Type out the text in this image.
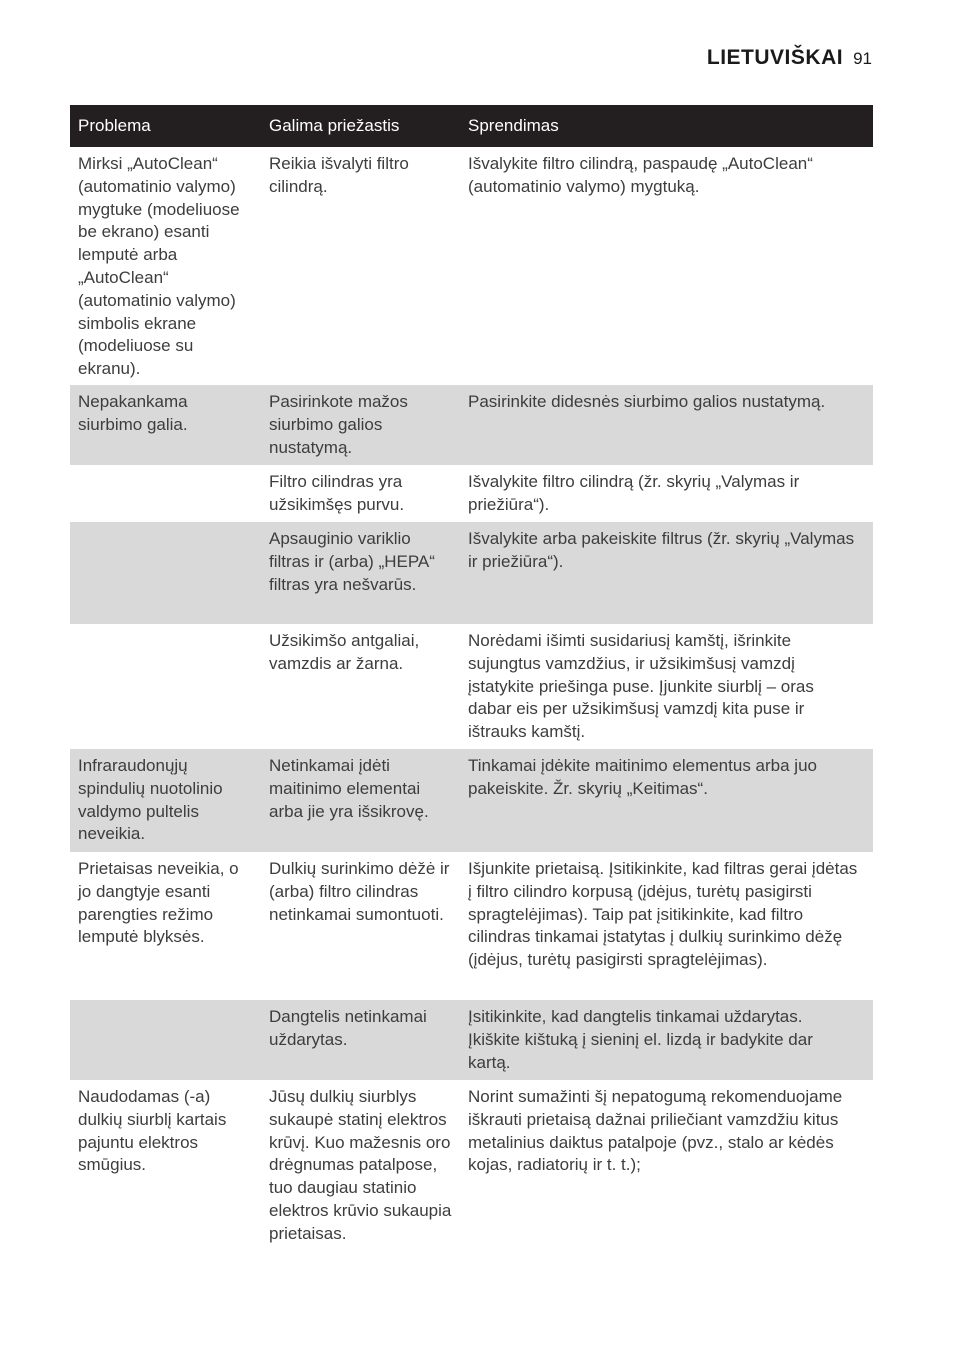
LIETUVIŠKAI 91
Problema	Galima priežastis	Sprendimas
Mirksi „AutoClean“ (automatinio valymo) mygtuke (modeliuose be ekrano) esanti lemputė arba „AutoClean“ (automatinio valymo) simbolis ekrane (modeliuose su ekranu).
Reikia išvalyti filtro cilindrą.
Išvalykite filtro cilindrą, paspaudę „AutoClean“ (automatinio valymo) mygtuką.
Nepakankama siurbimo galia.
Pasirinkote mažos siurbimo galios nustatymą.
Pasirinkite didesnės siurbimo galios nustatymą.
Filtro cilindras yra užsikimšęs purvu.
Išvalykite filtro cilindrą (žr. skyrių „Valymas ir priežiūra“).
Apsauginio variklio filtras ir (arba) „HEPA“ filtras yra nešvarūs.
Išvalykite arba pakeiskite filtrus (žr. skyrių „Valymas ir priežiūra“).
Užsikimšo antgaliai, vamzdis ar žarna.
Norėdami išimti susidariusį kamštį, išrinkite sujungtus vamzdžius, ir užsikimšusį vamzdį įstatykite priešinga puse. Įjunkite siurblį – oras dabar eis per užsikimšusį vamzdį kita puse ir ištrauks kamštį.
Infraraudonųjų spindulių nuotolinio valdymo pultelis neveikia.
Netinkamai įdėti maitinimo elementai arba jie yra išsikrovę.
Tinkamai įdėkite maitinimo elementus arba juo pakeiskite. Žr. skyrių „Keitimas“.
Prietaisas neveikia, o jo dangtyje esanti parengties režimo lemputė blyksės.
Dulkių surinkimo dėžė ir (arba) filtro cilindras netinkamai sumontuoti.
Išjunkite prietaisą. Įsitikinkite, kad filtras gerai įdėtas į filtro cilindro korpusą (įdėjus, turėtų pasigirsti spragtelėjimas). Taip pat įsitikinkite, kad filtro cilindras tinkamai įstatytas į dulkių surinkimo dėžę (įdėjus, turėtų pasigirsti spragtelėjimas).
Dangtelis netinkamai uždarytas.
Įsitikinkite, kad dangtelis tinkamai uždarytas. Įkiškite kištuką į sieninį el. lizdą ir badykite dar kartą.
Naudodamas (-a) dulkių siurblį kartais pajuntu elektros smūgius.
Jūsų dulkių siurblys sukaupė statinį elektros krūvį. Kuo mažesnis oro drėgnumas patalpose, tuo daugiau statinio elektros krūvio sukaupia prietaisas.
Norint sumažinti šį nepatogumą rekomenduojame iškrauti prietaisą dažnai priliečiant vamzdžiu kitus metalinius daiktus patalpoje (pvz., stalo ar kėdės kojas, radiatorių ir t. t.);
